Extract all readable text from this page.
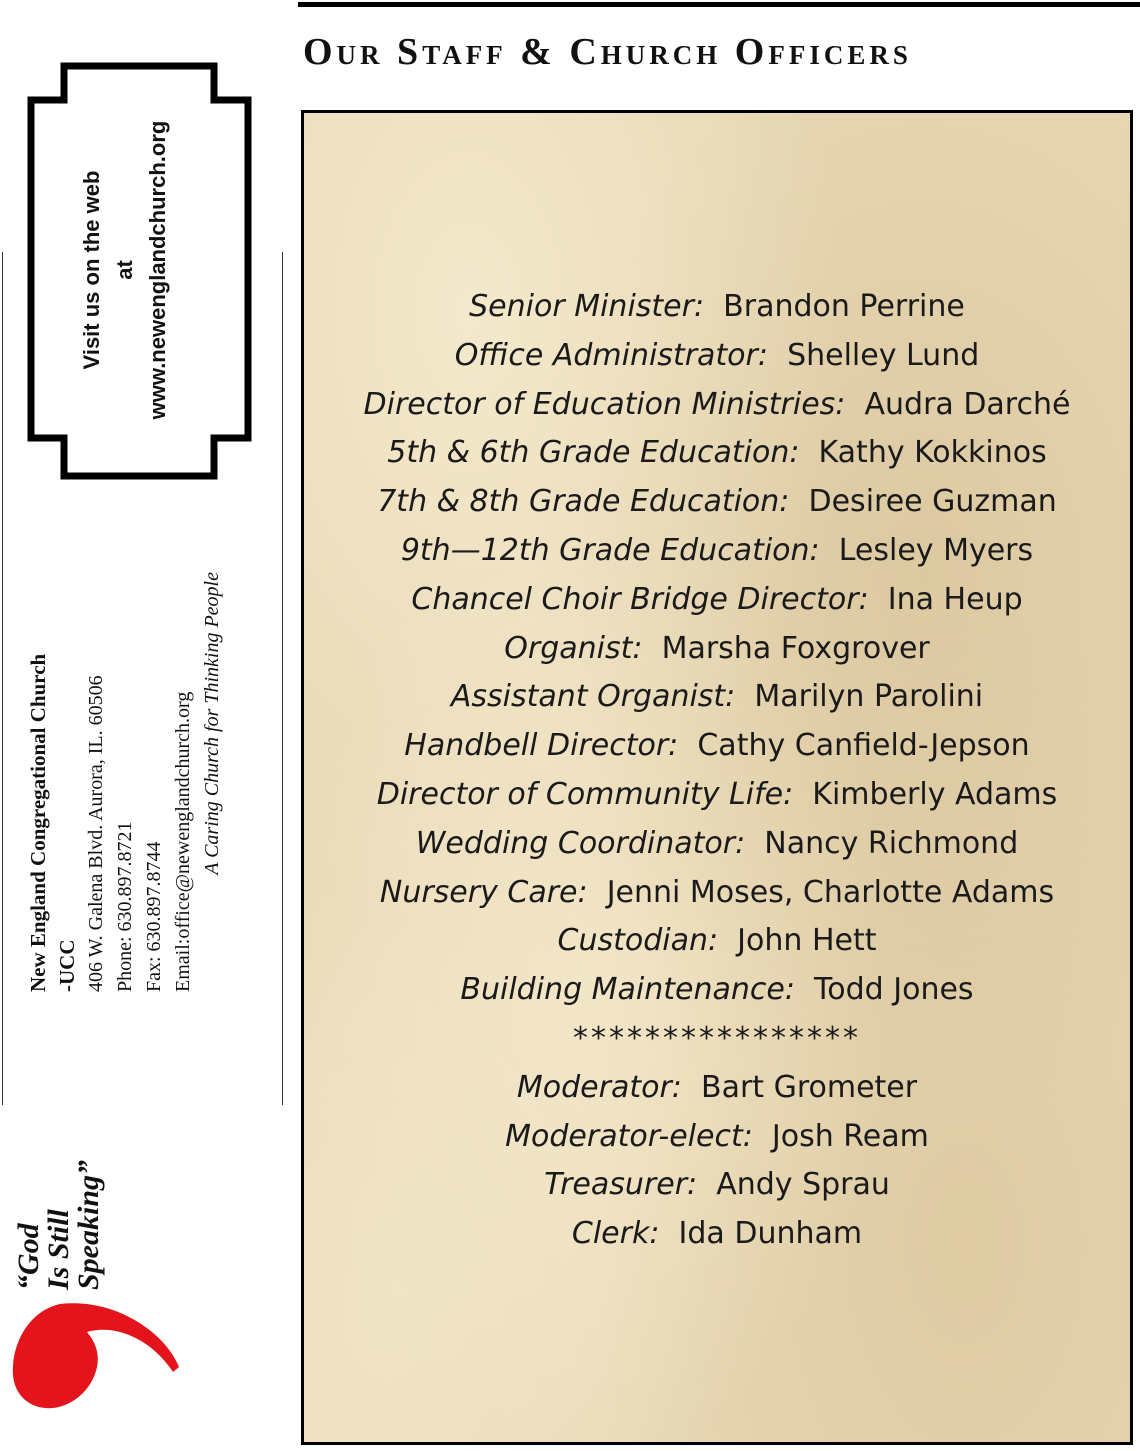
Our Staff & Church Officers
Visit us on the web at www.newenglandchurch.org
New England Congregational Church -UCC 406 W. Galena Blvd. Aurora, IL. 60506 Phone: 630.897.8721 Fax: 630.897.8744 Email:office@newenglandchurch.org A Caring Church for Thinking People
“God
Is Still
Speaking”
Senior Minister: Brandon Perrine
Office Administrator: Shelley Lund
Director of Education Ministries: Audra Darché
5th & 6th Grade Education: Kathy Kokkinos
7th & 8th Grade Education: Desiree Guzman
9th—12th Grade Education: Lesley Myers
Chancel Choir Bridge Director: Ina Heup
Organist: Marsha Foxgrover
Assistant Organist: Marilyn Parolini
Handbell Director: Cathy Canfield-Jepson
Director of Community Life: Kimberly Adams
Wedding Coordinator: Nancy Richmond
Nursery Care: Jenni Moses, Charlotte Adams
Custodian: John Hett
Building Maintenance: Todd Jones
****************
Moderator: Bart Grometer
Moderator-elect: Josh Ream
Treasurer: Andy Sprau
Clerk: Ida Dunham
